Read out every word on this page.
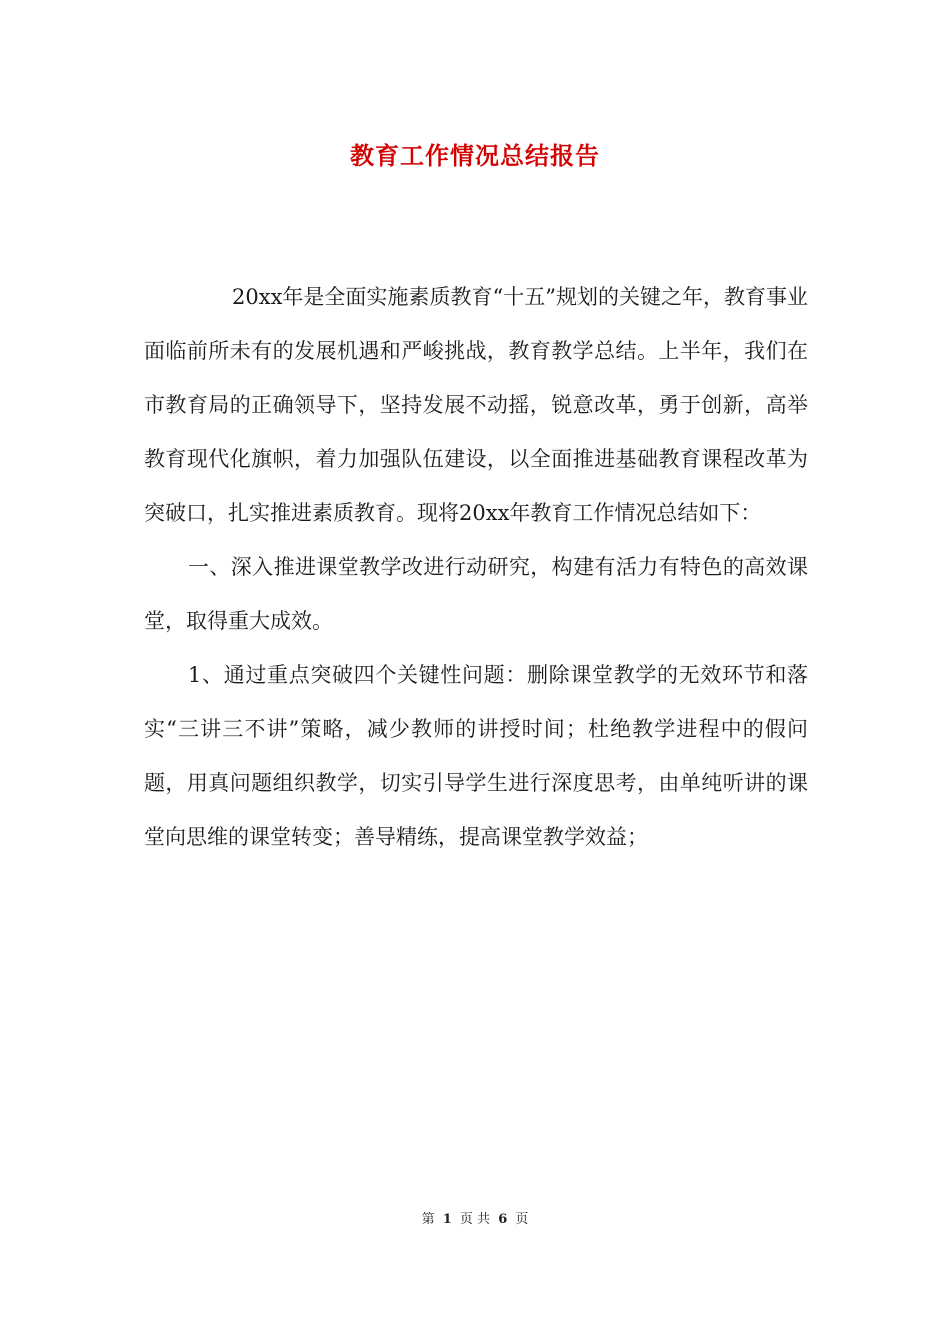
教育工作情况总结报告

20xx年是全面实施素质教育“十五”规划的关键之年，教育事业面临前所未有的发展机遇和严峻挑战，教育教学总结。上半年，我们在市教育局的正确领导下，坚持发展不动摇，锐意改革，勇于创新，高举教育现代化旗帜，着力加强队伍建设，以全面推进基础教育课程改革为突破口，扎实推进素质教育。现将20xx年教育工作情况总结如下：

一、深入推进课堂教学改进行动研究，构建有活力有特色的高效课堂，取得重大成效。

1、通过重点突破四个关键性问题：删除课堂教学的无效环节和落实“三讲三不讲”策略，减少教师的讲授时间；杜绝教学进程中的假问题，用真问题组织教学，切实引导学生进行深度思考，由单纯听讲的课堂向思维的课堂转变；善导精练，提高课堂教学效益；

第 1 页 共 6 页
